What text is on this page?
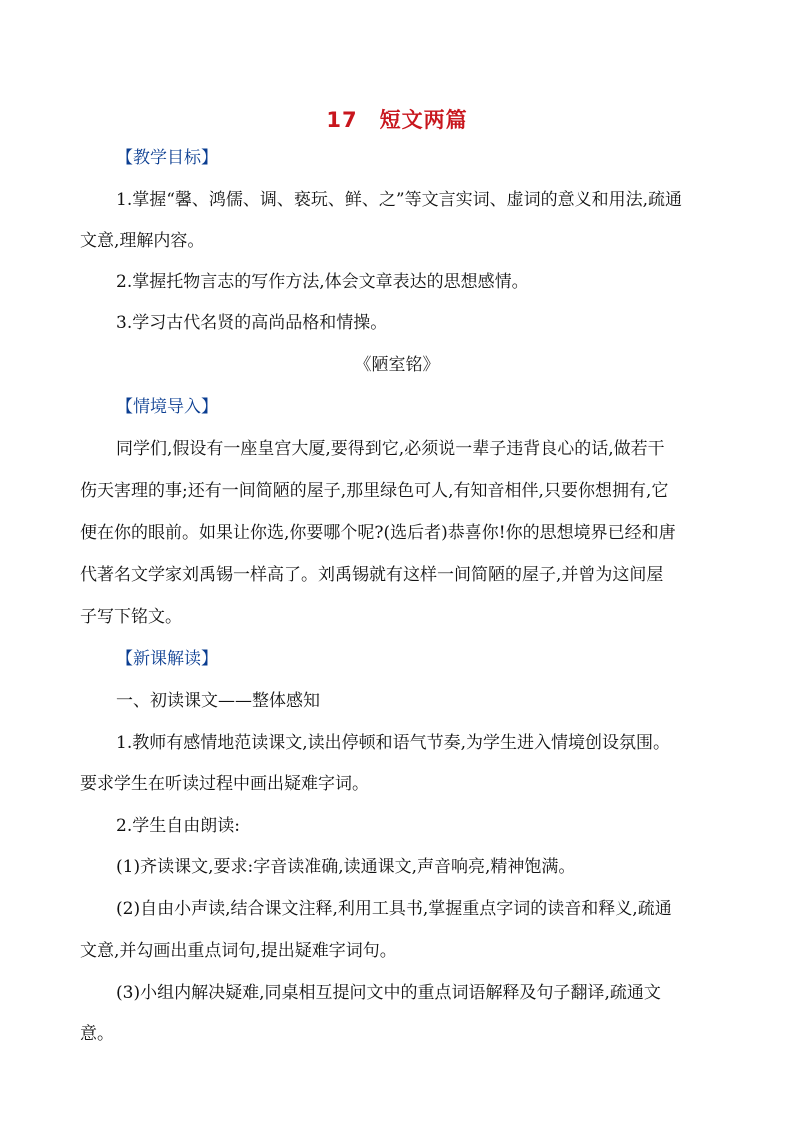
17 短文两篇
【教学目标】
1.掌握“馨、鸿儒、调、亵玩、鲜、之”等文言实词、虚词的意义和用法,疏通
文意,理解内容。
2.掌握托物言志的写作方法,体会文章表达的思想感情。
3.学习古代名贤的高尚品格和情操。
《陋室铭》
【情境导入】
同学们,假设有一座皇宫大厦,要得到它,必须说一辈子违背良心的话,做若干
伤天害理的事;还有一间简陋的屋子,那里绿色可人,有知音相伴,只要你想拥有,它
便在你的眼前。如果让你选,你要哪个呢?(选后者)恭喜你!你的思想境界已经和唐
代著名文学家刘禹锡一样高了。刘禹锡就有这样一间简陋的屋子,并曾为这间屋
子写下铭文。
【新课解读】
一、初读课文——整体感知
1.教师有感情地范读课文,读出停顿和语气节奏,为学生进入情境创设氛围。
要求学生在听读过程中画出疑难字词。
2.学生自由朗读:
(1)齐读课文,要求:字音读准确,读通课文,声音响亮,精神饱满。
(2)自由小声读,结合课文注释,利用工具书,掌握重点字词的读音和释义,疏通
文意,并勾画出重点词句,提出疑难字词句。
(3)小组内解决疑难,同桌相互提问文中的重点词语解释及句子翻译,疏通文
意。
